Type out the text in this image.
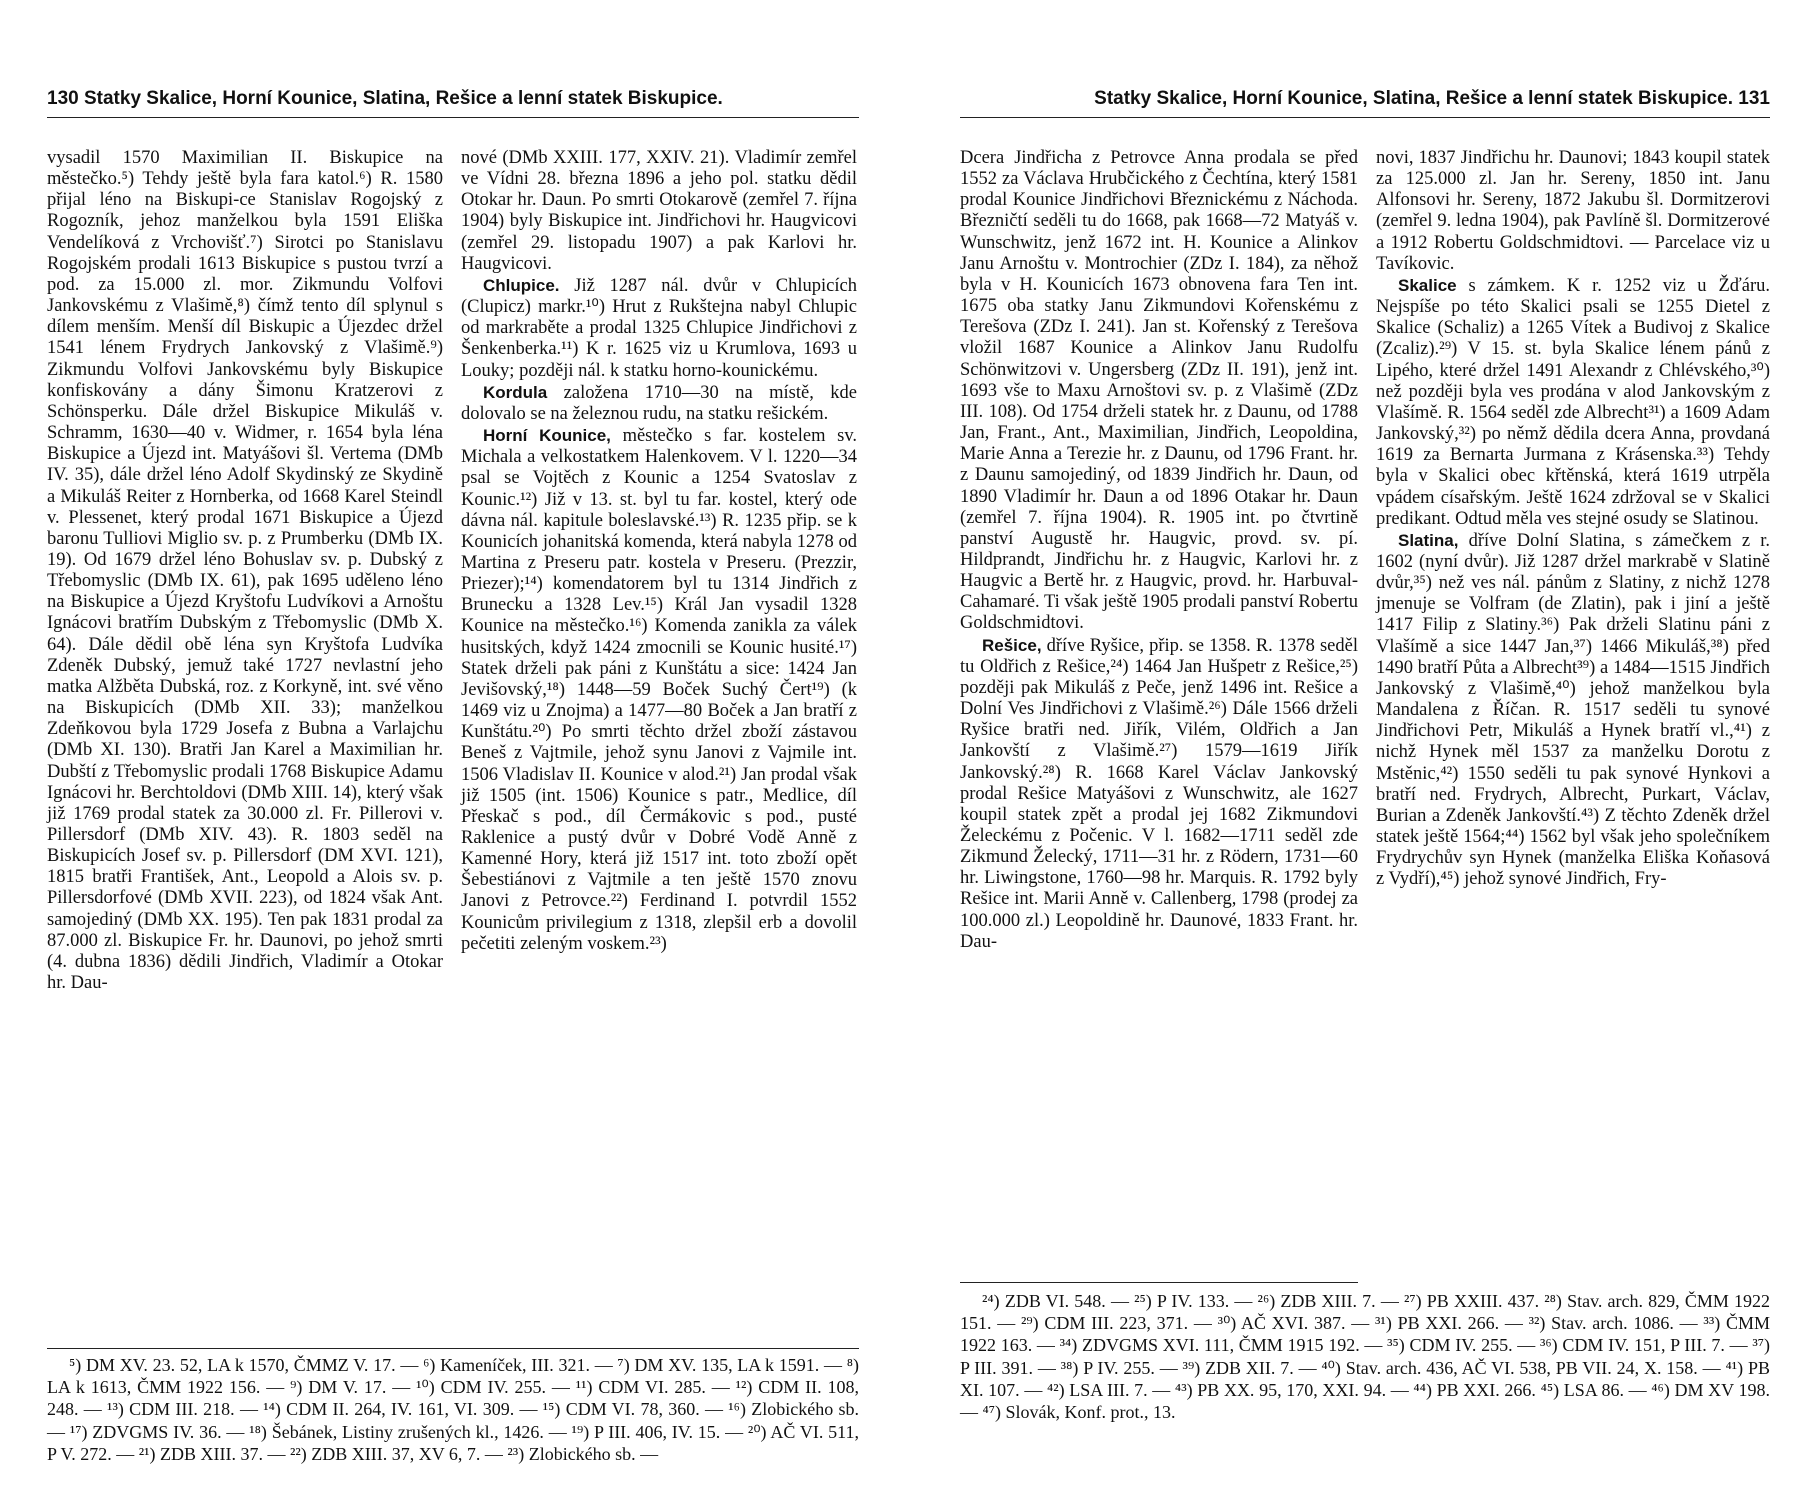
130 Statky Skalice, Horní Kounice, Slatina, Rešice a lenní statek Biskupice.

vysadil 1570 Maximilian II. Biskupice na městečko.⁵) Tehdy ještě byla fara katol.⁶) R. 1580 přijal léno na Biskupi-ce Stanislav Rogojský z Rogozník, jehoz manželkou byla 1591 Eliška Vendelíková z Vrchovišť.⁷) Sirotci po Stanislavu Rogojském prodali 1613 Biskupice s pustou tvrzí a pod. za 15.000 zl. mor. Zikmundu Volfovi Jankovskému z Vlašimě,⁸) čímž tento díl splynul s dílem menším. Menší díl Biskupic a Újezdec držel 1541 lénem Frydrych Jankovský z Vlašimě.⁹) Zikmundu Volfovi Jankovskému byly Biskupice konfiskovány a dány Šimonu Kratzerovi z Schönsperku. Dále držel Biskupice Mikuláš v. Schramm, 1630—40 v. Widmer, r. 1654 byla léna Biskupice a Újezd int. Matyášovi šl. Vertema (DMb IV. 35), dále držel léno Adolf Skydinský ze Skydině a Mikuláš Reiter z Hornberka, od 1668 Karel Steindl v. Plessenet, který prodal 1671 Biskupice a Újezd baronu Tulliovi Miglio sv. p. z Prumberku (DMb IX. 19). Od 1679 držel léno Bohuslav sv. p. Dubský z Třebomyslic (DMb IX. 61), pak 1695 uděleno léno na Biskupice a Újezd Kryštofu Ludvíkovi a Arnoštu Ignácovi bratřím Dubským z Třebomyslic (DMb X. 64). Dále dědil obě léna syn Kryštofa Ludvíka Zdeněk Dubský, jemuž také 1727 nevlastní jeho matka Alžběta Dubská, roz. z Korkyně, int. své věno na Biskupicích (DMb XII. 33); manželkou Zdeňkovou byla 1729 Josefa z Bubna a Varlajchu (DMb XI. 130). Bratři Jan Karel a Maximilian hr. Dubští z Třebomyslic prodali 1768 Biskupice Adamu Ignácovi hr. Berchtoldovi (DMb XIII. 14), který však již 1769 prodal statek za 30.000 zl. Fr. Pillerovi v. Pillersdorf (DMb XIV. 43). R. 1803 seděl na Biskupicích Josef sv. p. Pillersdorf (DM XVI. 121), 1815 bratři František, Ant., Leopold a Alois sv. p. Pillersdorfové (DMb XVII. 223), od 1824 však Ant. samojediný (DMb XX. 195). Ten pak 1831 prodal za 87.000 zl. Biskupice Fr. hr. Daunovi, po jehož smrti (4. dubna 1836) dědili Jindřich, Vladimír a Otokar hr. Dau-

nové (DMb XXIII. 177, XXIV. 21). Vladimír zemřel ve Vídni 28. března 1896 a jeho pol. statku dědil Otokar hr. Daun. Po smrti Otokarově (zemřel 7. října 1904) byly Biskupice int. Jindřichovi hr. Haugvicovi (zemřel 29. listopadu 1907) a pak Karlovi hr. Haugvicovi.

Chlupice. Již 1287 nál. dvůr v Chlupicích (Clupicz) markr.¹⁰) Hrut z Rukštejna nabyl Chlupic od markraběte a prodal 1325 Chlupice Jindřichovi z Šenkenberka.¹¹) K r. 1625 viz u Krumlova, 1693 u Louky; později nál. k statku horno-kounickému.

Kordula založena 1710—30 na místě, kde dolovalo se na železnou rudu, na statku rešickém.

Horní Kounice, městečko s far. kostelem sv. Michala a velkostatkem Halenkovem. V l. 1220—34 psal se Vojtěch z Kounic a 1254 Svatoslav z Kounic.¹²) Již v 13. st. byl tu far. kostel, který ode dávna nál. kapitule boleslavské.¹³) R. 1235 přip. se k Kounicích johanitská komenda, která nabyla 1278 od Martina z Preseru patr. kostela v Preseru. (Prezzir, Priezer);¹⁴) komendatorem byl tu 1314 Jindřich z Brunecku a 1328 Lev.¹⁵) Král Jan vysadil 1328 Kounice na městečko.¹⁶) Komenda zanikla za válek husitských, když 1424 zmocnili se Kounic husité.¹⁷) Statek drželi pak páni z Kunštátu a sice: 1424 Jan Jevišovský,¹⁸) 1448—59 Boček Suchý Čert¹⁹) (k 1469 viz u Znojma) a 1477—80 Boček a Jan bratří z Kunštátu.²⁰) Po smrti těchto držel zboží zástavou Beneš z Vajtmile, jehož synu Janovi z Vajmile int. 1506 Vladislav II. Kounice v alod.²¹) Jan prodal však již 1505 (int. 1506) Kounice s patr., Medlice, díl Přeskač s pod., díl Čermákovic s pod., pusté Raklenice a pustý dvůr v Dobré Vodě Anně z Kamenné Hory, která již 1517 int. toto zboží opět Šebestiánovi z Vajtmile a ten ještě 1570 znovu Janovi z Petrovce.²²) Ferdinand I. potvrdil 1552 Kounicům privilegium z 1318, zlepšil erb a dovolil pečetiti zeleným voskem.²³)

⁵) DM XV. 23. 52, LA k 1570, ČMMZ V. 17. — ⁶) Kameníček, III. 321. — ⁷) DM XV. 135, LA k 1591. — ⁸) LA k 1613, ČMM 1922 156. — ⁹) DM V. 17. — ¹⁰) CDM IV. 255. — ¹¹) CDM VI. 285. — ¹²) CDM II. 108, 248. — ¹³) CDM III. 218. — ¹⁴) CDM II. 264, IV. 161, VI. 309. — ¹⁵) CDM VI. 78, 360. — ¹⁶) Zlobického sb. — ¹⁷) ZDVGMS IV. 36. — ¹⁸) Šebánek, Listiny zrušených kl., 1426. — ¹⁹) P III. 406, IV. 15. — ²⁰) AČ VI. 511, P V. 272. — ²¹) ZDB XIII. 37. — ²²) ZDB XIII. 37, XV 6, 7. — ²³) Zlobického sb. —

Statky Skalice, Horní Kounice, Slatina, Rešice a lenní statek Biskupice. 131

Dcera Jindřicha z Petrovce Anna prodala se před 1552 za Václava Hrubčického z Čechtína, který 1581 prodal Kounice Jindřichovi Březnickému z Náchoda. Březničtí seděli tu do 1668, pak 1668—72 Matyáš v. Wunschwitz, jenž 1672 int. H. Kounice a Alinkov Janu Arnoštu v. Montrochier (ZDz I. 184), za něhož byla v H. Kounicích 1673 obnovena fara Ten int. 1675 oba statky Janu Zikmundovi Kořenskému z Terešova (ZDz I. 241). Jan st. Kořenský z Terešova vložil 1687 Kounice a Alinkov Janu Rudolfu Schönwitzovi v. Ungersberg (ZDz II. 191), jenž int. 1693 vše to Maxu Arnoštovi sv. p. z Vlašimě (ZDz III. 108). Od 1754 drželi statek hr. z Daunu, od 1788 Jan, Frant., Ant., Maximilian, Jindřich, Leopoldina, Marie Anna a Terezie hr. z Daunu, od 1796 Frant. hr. z Daunu samojediný, od 1839 Jindřich hr. Daun, od 1890 Vladimír hr. Daun a od 1896 Otakar hr. Daun (zemřel 7. října 1904). R. 1905 int. po čtvrtině panství Augustě hr. Haugvic, provd. sv. pí. Hildprandt, Jindřichu hr. z Haugvic, Karlovi hr. z Haugvic a Bertě hr. z Haugvic, provd. hr. Harbuval-Cahamaré. Ti však ještě 1905 prodali panství Robertu Goldschmidtovi.

Rešice, dříve Ryšice, přip. se 1358. R. 1378 seděl tu Oldřich z Rešice,²⁴) 1464 Jan Hušpetr z Rešice,²⁵) později pak Mikuláš z Peče, jenž 1496 int. Rešice a Dolní Ves Jindřichovi z Vlašimě.²⁶) Dále 1566 drželi Ryšice bratři ned. Jiřík, Vilém, Oldřich a Jan Jankovští z Vlašimě.²⁷) 1579—1619 Jiřík Jankovský.²⁸) R. 1668 Karel Václav Jankovský prodal Rešice Matyášovi z Wunschwitz, ale 1627 koupil statek zpět a prodal jej 1682 Zikmundovi Želeckému z Počenic. V l. 1682—1711 seděl zde Zikmund Želecký, 1711—31 hr. z Rödern, 1731—60 hr. Liwingstone, 1760—98 hr. Marquis. R. 1792 byly Rešice int. Marii Anně v. Callenberg, 1798 (prodej za 100.000 zl.) Leopoldině hr. Daunové, 1833 Frant. hr. Dau-

novi, 1837 Jindřichu hr. Daunovi; 1843 koupil statek za 125.000 zl. Jan hr. Sereny, 1850 int. Janu Alfonsovi hr. Sereny, 1872 Jakubu šl. Dormitzerovi (zemřel 9. ledna 1904), pak Pavlíně šl. Dormitzerové a 1912 Robertu Goldschmidtovi. — Parcelace viz u Tavíkovic.

Skalice s zámkem. K r. 1252 viz u Žďáru. Nejspíše po této Skalici psali se 1255 Dietel z Skalice (Schaliz) a 1265 Vítek a Budivoj z Skalice (Zcaliz).²⁹) V 15. st. byla Skalice lénem pánů z Lipého, které držel 1491 Alexandr z Chlévského,³⁰) než později byla ves prodána v alod Jankovským z Vlašímě. R. 1564 seděl zde Albrecht³¹) a 1609 Adam Jankovský,³²) po němž dědila dcera Anna, provdaná 1619 za Bernarta Jurmana z Krásenska.³³) Tehdy byla v Skalici obec křtěnská, která 1619 utrpěla vpádem císařským. Ještě 1624 zdržoval se v Skalici predikant. Odtud měla ves stejné osudy se Slatinou.

Slatina, dříve Dolní Slatina, s zámečkem z r. 1602 (nyní dvůr). Již 1287 držel markrabě v Slatině dvůr,³⁵) než ves nál. pánům z Slatiny, z nichž 1278 jmenuje se Volfram (de Zlatin), pak i jiní a ještě 1417 Filip z Slatiny.³⁶) Pak drželi Slatinu páni z Vlašímě a sice 1447 Jan,³⁷) 1466 Mikuláš,³⁸) před 1490 bratří Půta a Albrecht³⁹) a 1484—1515 Jindřich Jankovský z Vlašimě,⁴⁰) jehož manželkou byla Mandalena z Říčan. R. 1517 seděli tu synové Jindřichovi Petr, Mikuláš a Hynek bratří vl.,⁴¹) z nichž Hynek měl 1537 za manželku Dorotu z Mstěnic,⁴²) 1550 seděli tu pak synové Hynkovi a bratří ned. Frydrych, Albrecht, Purkart, Václav, Burian a Zdeněk Jankovští.⁴³) Z těchto Zdeněk držel statek ještě 1564;⁴⁴) 1562 byl však jeho společníkem Frydrychův syn Hynek (manželka Eliška Koňasová z Vydří),⁴⁵) jehož synové Jindřich, Fry-

²⁴) ZDB VI. 548. — ²⁵) P IV. 133. — ²⁶) ZDB XIII. 7. — ²⁷) PB XXIII. 437. ²⁸) Stav. arch. 829, ČMM 1922 151. — ²⁹) CDM III. 223, 371. — ³⁰) AČ XVI. 387. — ³¹) PB XXI. 266. — ³²) Stav. arch. 1086. — ³³) ČMM 1922 163. — ³⁴) ZDVGMS XVI. 111, ČMM 1915 192. — ³⁵) CDM IV. 255. — ³⁶) CDM IV. 151, P III. 7. — ³⁷) P III. 391. — ³⁸) P IV. 255. — ³⁹) ZDB XII. 7. — ⁴⁰) Stav. arch. 436, AČ VI. 538, PB VII. 24, X. 158. — ⁴¹) PB XI. 107. — ⁴²) LSA III. 7. — ⁴³) PB XX. 95, 170, XXI. 94. — ⁴⁴) PB XXI. 266. ⁴⁵) LSA 86. — ⁴⁶) DM XV 198. — ⁴⁷) Slovák, Konf. prot., 13.
